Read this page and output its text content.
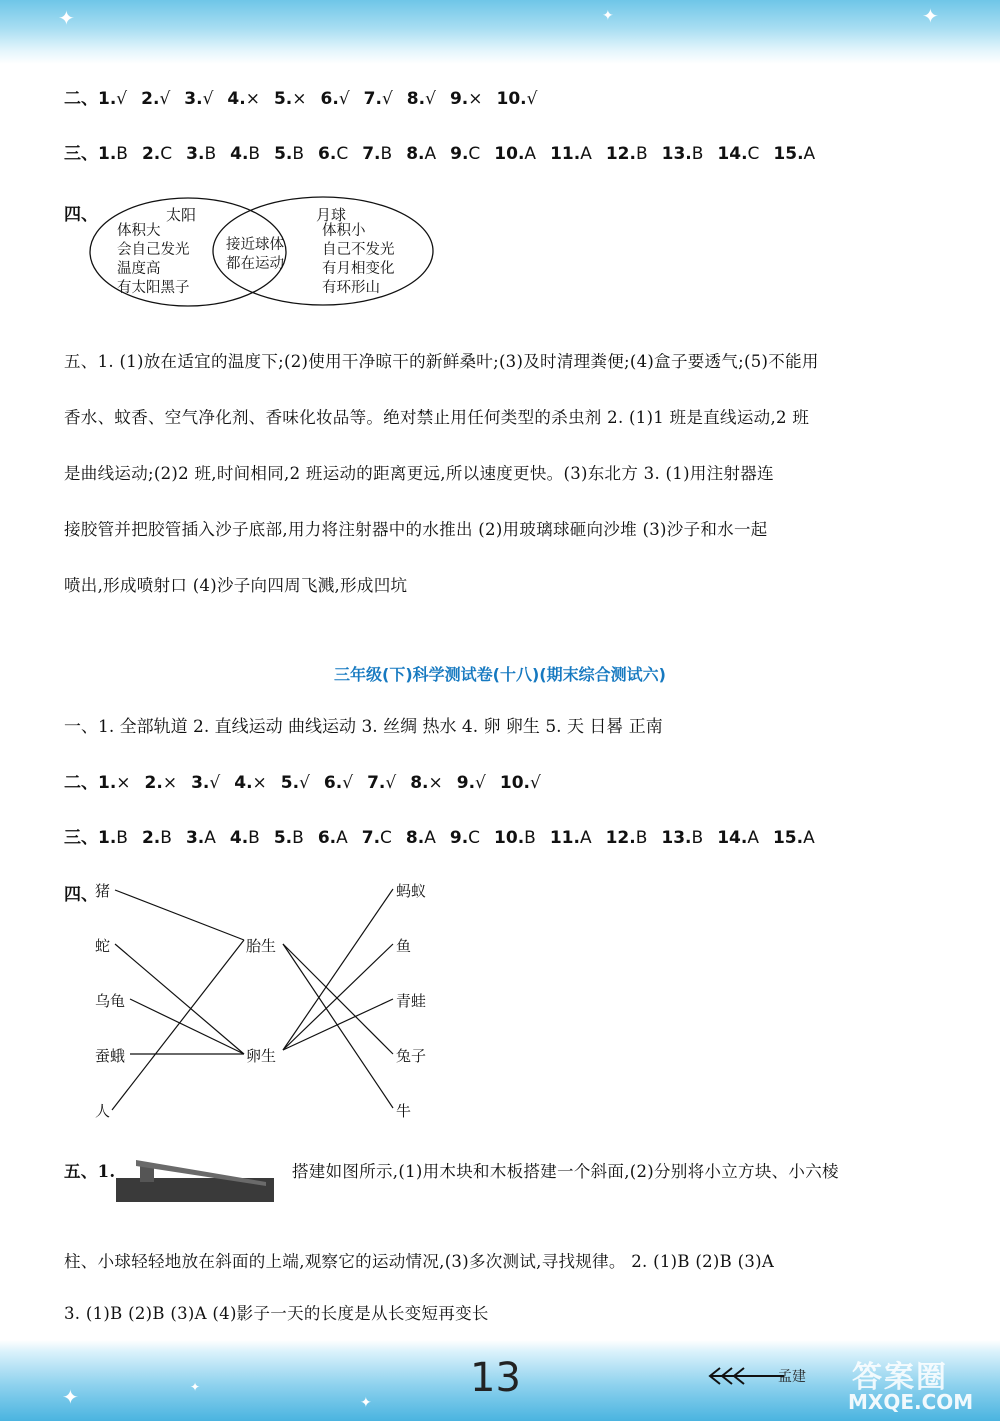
✦	✦	✦
✦	✦
✦
二、1.√ 2.√ 3.√ 4.× 5.× 6.√ 7.√ 8.√ 9.× 10.√
三、1.B 2.C 3.B 4.B 5.B 6.C 7.B 8.A 9.C 10.A 11.A 12.B 13.B 14.C 15.A
四、	太阳	月球
体积大
会自己发光
温度高
有太阳黑子
接近球体
都在运动
体积小
自己不发光
有月相变化
有环形山
五、1. (1)放在适宜的温度下;(2)使用干净晾干的新鲜桑叶;(3)及时清理粪便;(4)盒子要透气;(5)不能用
香水、蚊香、空气净化剂、香味化妆品等。绝对禁止用任何类型的杀虫剂 2. (1)1 班是直线运动,2 班
是曲线运动;(2)2 班,时间相同,2 班运动的距离更远,所以速度更快。(3)东北方 3. (1)用注射器连
接胶管并把胶管插入沙子底部,用力将注射器中的水推出 (2)用玻璃球砸向沙堆 (3)沙子和水一起
喷出,形成喷射口 (4)沙子向四周飞溅,形成凹坑
三年级(下)科学测试卷(十八)(期末综合测试六)
一、1. 全部轨道 2. 直线运动 曲线运动 3. 丝绸 热水 4. 卵 卵生 5. 天 日晷 正南
二、1.× 2.× 3.√ 4.× 5.√ 6.√ 7.√ 8.× 9.√ 10.√
三、1.B 2.B 3.A 4.B 5.B 6.A 7.C 8.A 9.C 10.B 11.A 12.B 13.B 14.A 15.A
四、
猪
蛇
乌龟
蚕蛾
人
胎生
卵生
蚂蚁
鱼
青蛙
兔子
牛
五、1.	搭建如图所示,(1)用木块和木板搭建一个斜面,(2)分别将小立方块、小六棱
柱、小球轻轻地放在斜面的上端,观察它的运动情况,(3)多次测试,寻找规律。 2. (1)B (2)B (3)A
3. (1)B (2)B (3)A (4)影子一天的长度是从长变短再变长
孟建
13	答案圈
MXQE.COM
